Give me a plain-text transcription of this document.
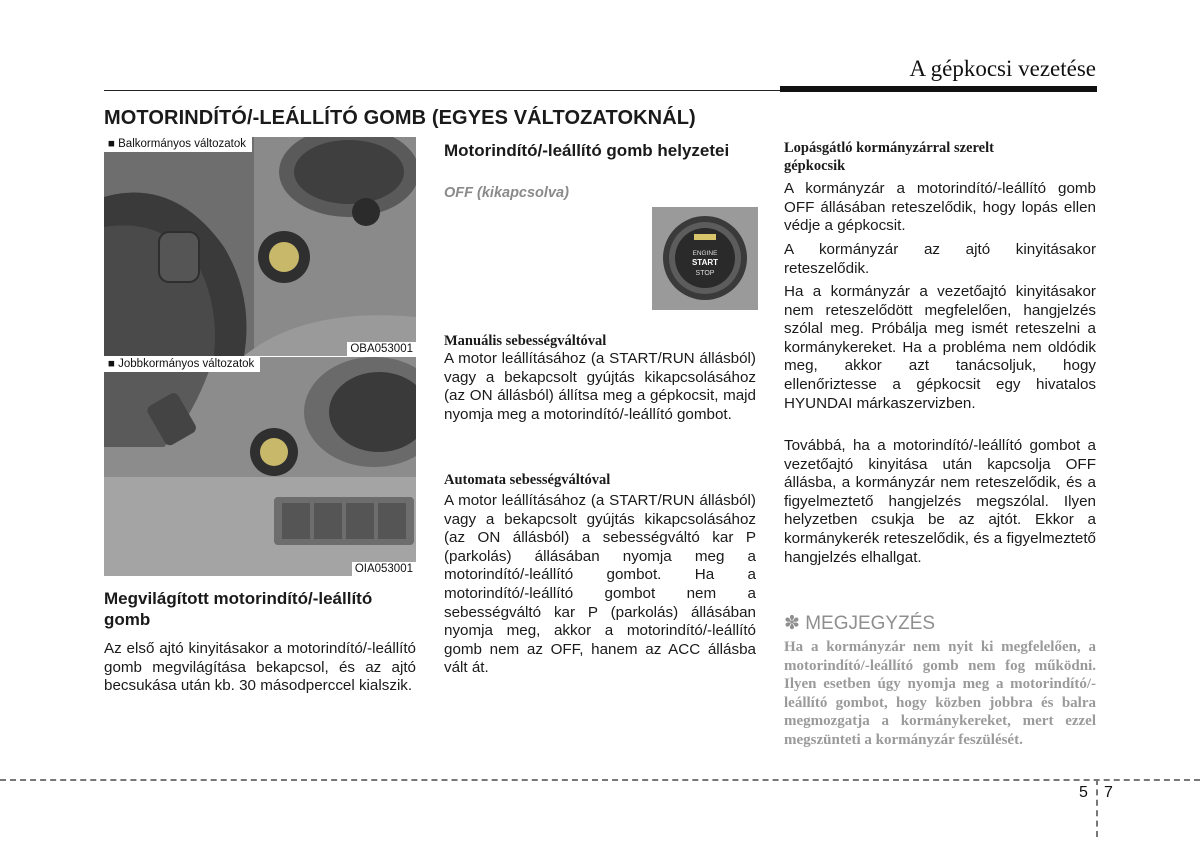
A gépkocsi vezetése
MOTORINDÍTÓ/-LEÁLLÍTÓ GOMB (EGYES VÁLTOZATOKNÁL)
■ Balkormányos változatok
OBA053001
■ Jobbkormányos változatok
OIA053001
Megvilágított motorindító/-leállító gomb

Az első ajtó kinyitásakor a motorindító/-leállító gomb megvilágítása bekapcsol, és az ajtó becsukása után kb. 30 másodperccel kialszik.

Motorindító/-leállító gomb helyzetei
OFF (kikapcsolva)
ENGINE
START
STOP
Manuális sebességváltóval

A motor leállításához (a START/RUN állásból) vagy a bekapcsolt gyújtás kikapcsolásához (az ON állásból) állítsa meg a gépkocsit, majd nyomja meg a motorindító/-leállító gombot.

Automata sebességváltóval

A motor leállításához (a START/RUN állásból) vagy a bekapcsolt gyújtás kikapcsolásához (az ON állásból) a sebességváltó kar P (parkolás) állásában nyomja meg a motorindító/-leállító gombot. Ha a motorindító/-leállító gombot nem a sebességváltó kar P (parkolás) állásában nyomja meg, akkor a motorindító/-leállító gomb nem az OFF, hanem az ACC állásba vált át.

Lopásgátló kormányzárral szerelt
gépkocsik

A kormányzár a motorindító/-leállító gomb OFF állásában reteszelődik, hogy lopás ellen védje a gépkocsit.

A kormányzár az ajtó kinyitásakor reteszelődik.

Ha a kormányzár a vezetőajtó kinyitásakor nem reteszelődött megfelelően, hangjelzés szólal meg. Próbálja meg ismét reteszelni a kormánykereket. Ha a probléma nem oldódik meg, akkor azt tanácsoljuk, hogy ellenőriztesse a gépkocsit egy hivatalos HYUNDAI márkaszervizben.

Továbbá, ha a motorindító/-leállító gombot a vezetőajtó kinyitása után kapcsolja OFF állásba, a kormányzár nem reteszelődik, és a figyelmeztető hangjelzés megszólal. Ilyen helyzetben csukja be az ajtót. Ekkor a kormánykerék reteszelődik, és a figyelmeztető hangjelzés elhallgat.

✽ MEGJEGYZÉS

Ha a kormányzár nem nyit ki megfelelően, a motorindító/-leállító gomb nem fog működni. Ilyen esetben úgy nyomja meg a motorindító/-leállító gombot, hogy közben jobbra és balra megmozgatja a kormánykereket, mert ezzel megszünteti a kormányzár feszülését.

5 7
